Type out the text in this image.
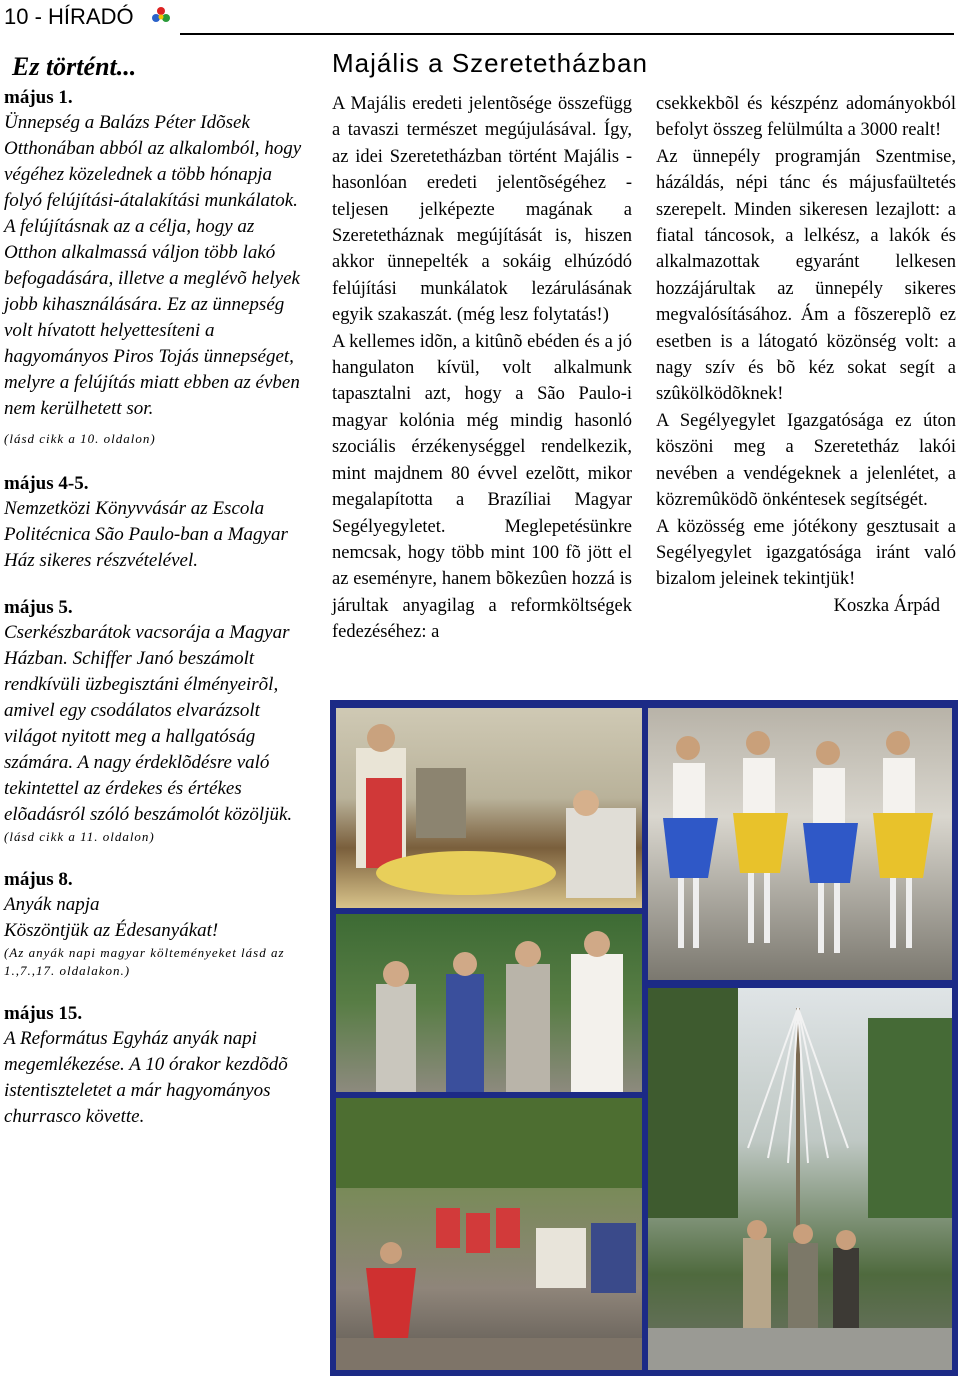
10 - HÍRADÓ
Ez történt...
május 1.
Ünnepség a Balázs Péter Idõsek Otthonában abból az alkalomból, hogy végéhez közelednek a több hónapja folyó felújítási-átalakítási munkálatok. A felújításnak az a célja, hogy az Otthon alkalmassá váljon több lakó befogadására, illetve a meglévõ helyek jobb kihasználására. Ez az ünnepség volt hívatott helyettesíteni a hagyományos Piros Tojás ünnepséget, melyre a felújítás miatt ebben az évben nem kerülhetett sor.
(lásd cikk a 10. oldalon)
május 4-5.
Nemzetközi Könyvvásár az Escola Politécnica São Paulo-ban a Magyar Ház sikeres részvételével.
május 5.
Cserkészbarátok vacsorája a Magyar Házban. Schiffer Janó beszámolt rendkívüli üzbegisztáni élményeirõl, amivel egy csodálatos elvarázsolt világot nyitott meg a hallgatóság számára. A nagy érdeklõdésre való tekintettel az érdekes és értékes elõadásról szóló beszámolót közöljük.
(lásd cikk a 11. oldalon)
május 8.
Anyák napja
Köszöntjük az Édesanyákat!
(Az anyák napi magyar költeményeket lásd az 1.,7.,17. oldalakon.)
május 15.
A Református Egyház anyák napi megemlékezése. A 10 órakor kezdõdõ istentiszteletet a már hagyományos churrasco követte.
Majális a Szeretetházban

A Majális eredeti jelentõsége összefügg a tavaszi természet megújulásával. Így, az idei Szeretetházban történt Majális - hasonlóan eredeti jelentõségéhez - teljesen jelképezte magának a Szeretetháznak megújítását is, hiszen akkor ünnepelték a sokáig elhúzódó felújítási munkálatok lezárulásának egyik szakaszát. (még lesz folytatás!)

A kellemes idõn, a kitûnõ ebéden és a jó hangulaton kívül, volt alkalmunk tapasztalni azt, hogy a São Paulo-i magyar kolónia még mindig hasonló szociális érzékenységgel rendelkezik, mint majdnem 80 évvel ezelõtt, mikor megalapította a Brazíliai Magyar Segélyegyletet. Meglepetésünkre nemcsak, hogy több mint 100 fõ jött el az eseményre, hanem bõkezûen hozzá is járultak anyagilag a reformköltségek fedezéséhez: a

csekkekbõl és készpénz adományokból befolyt összeg felülmúlta a 3000 realt!

Az ünnepély programján Szentmise, házáldás, népi tánc és májusfaültetés szerepelt. Minden sikeresen lezajlott: a fiatal táncosok, a lelkész, a lakók és alkalmazottak egyaránt lelkesen hozzájárultak az ünnepély sikeres megvalósításához. Ám a fõszereplõ ez esetben is a látogató közönség volt: a nagy szív és bõ kéz sokat segít a szûkölködõknek!

A Segélyegylet Igazgatósága ez úton köszöni meg a Szeretetház lakói nevében a vendégeknek a jelenlétet, a közremûködõ önkéntesek segítségét.

A közösség eme jótékony gesztusait a Segélyegylet igazgatósága iránt való bizalom jeleinek tekintjük!

Koszka Árpád
